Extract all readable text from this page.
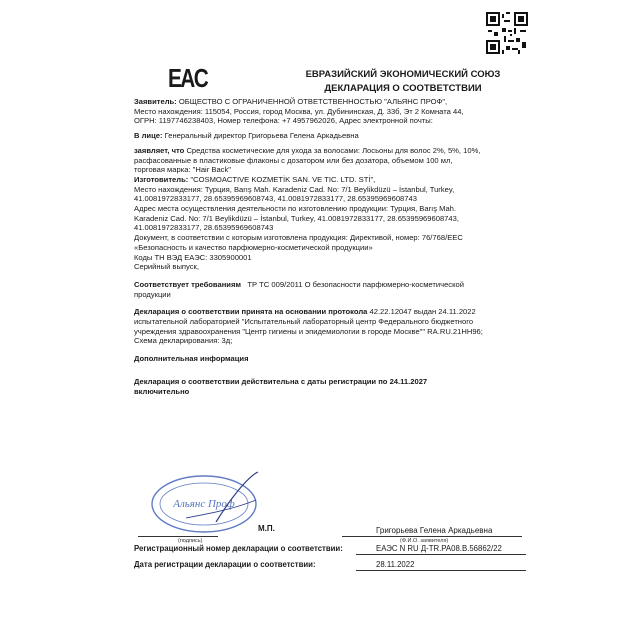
EAC	ЕВРАЗИЙСКИЙ ЭКОНОМИЧЕСКИЙ СОЮЗ
ДЕКЛАРАЦИЯ О СООТВЕТСТВИИ

Заявитель: ОБЩЕСТВО С ОГРАНИЧЕННОЙ ОТВЕТСТВЕННОСТЬЮ "АЛЬЯНС ПРОФ",

Место нахождения: 115054, Россия, город Москва, ул. Дубининская, Д. 33б, Эт 2 Комната 44,

ОГРН: 1197746238403, Номер телефона: +7 4957962026, Адрес электронной почты:

В лице: Генеральный директор Григорьева Гелена Аркадьевна

заявляет, что Средства косметические для ухода за волосами: Лосьоны для волос 2%, 5%, 10%,

расфасованные в пластиковые флаконы с дозатором или без дозатора, объемом 100 мл,

торговая марка: "Hair Back"

Изготовитель: "COSMOACTIVE KOZMETİK SAN. VE TIC. LTD. STİ",

Место нахождения: Турция, Barış Mah. Karadeniz Cad. No: 7/1 Beylikdüzü – İstanbul, Turkey,

41.0081972833177, 28.65395969608743, 41.0081972833177, 28.65395969608743

Адрес места осуществления деятельности по изготовлению продукции: Турция, Barış Mah.

Karadeniz Cad. No: 7/1 Beylikdüzü – İstanbul, Turkey, 41.0081972833177, 28.65395969608743,

41.0081972833177, 28.65395969608743

Документ, в соответствии с которым изготовлена продукция: Директивой, номер: 76/768/EEC

«Безопасность и качество парфюмерно-косметической продукции»

Коды ТН ВЭД ЕАЭС: 3305900001

Серийный выпуск,

Соответствует требованиям ТР ТС 009/2011 О безопасности парфюмерно-косметической

продукции

Декларация о соответствии принята на основании протокола 42.22.12047 выдан 24.11.2022

испытательной лабораторией "Испытательный лабораторный центр Федерального бюджетного

учреждения здравоохранения "Центр гигиены и эпидемиологии в городе Москве"" RA.RU.21HH96;

Схема декларирования: 3д;

Дополнительная информация

Декларация о соответствии действительна с даты регистрации по 24.11.2027

включительно

Альянс Проф
М.П.	Григорьева Гелена Аркадьевна
(подпись)	(Ф.И.О. заявителя)
Регистрационный номер декларации о соответствии:	ЕАЭС N RU Д-TR.PA08.B.56862/22
Дата регистрации декларации о соответствии:	28.11.2022
